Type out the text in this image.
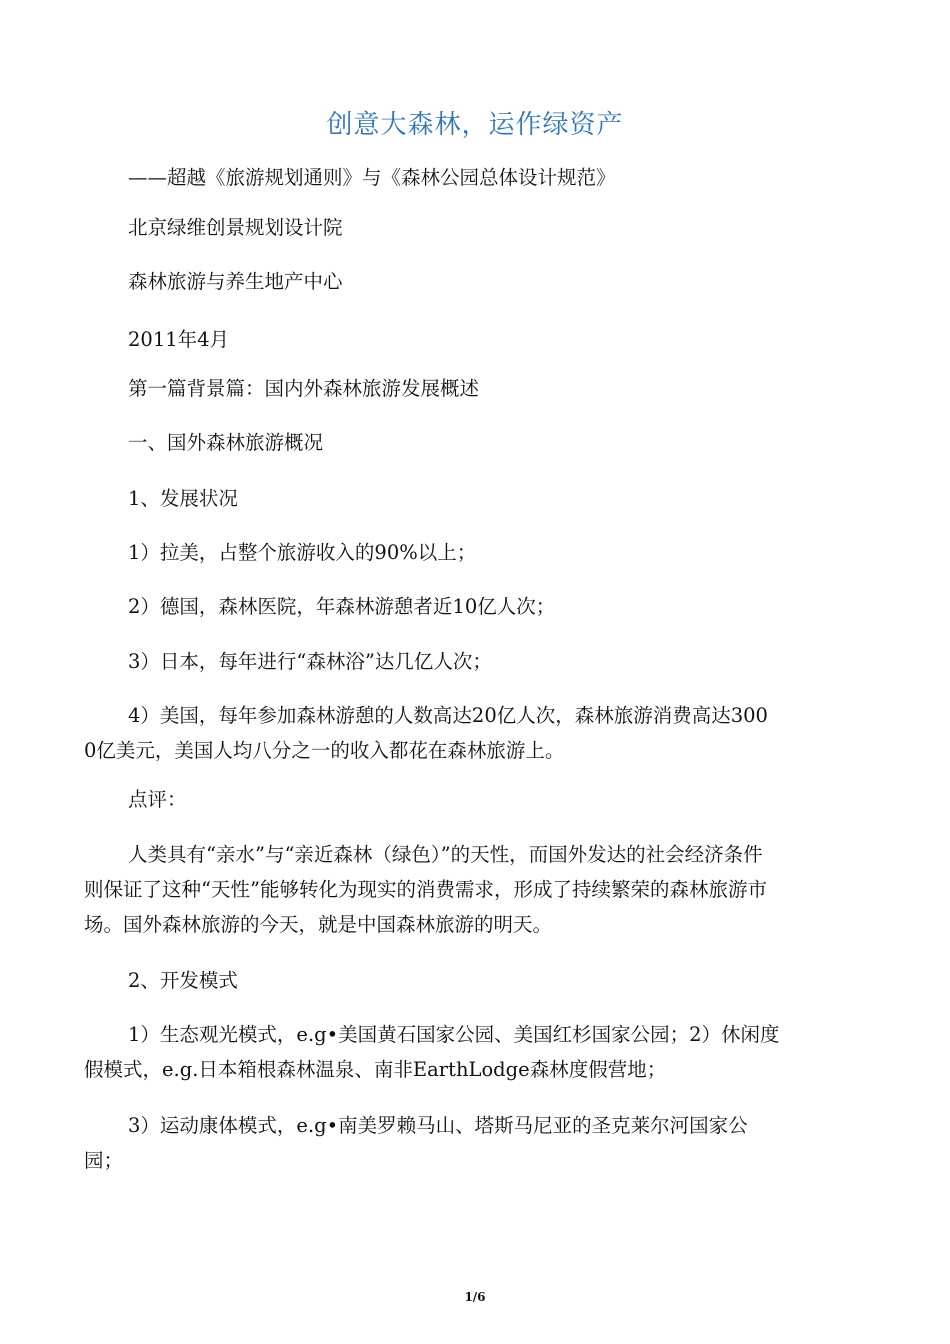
创意大森林，运作绿资产
——超越《旅游规划通则》与《森林公园总体设计规范》
北京绿维创景规划设计院
森林旅游与养生地产中心
2011年4月
第一篇背景篇：国内外森林旅游发展概述
一、国外森林旅游概况
1、发展状况
1）拉美，占整个旅游收入的90%以上；
2）德国，森林医院，年森林游憩者近10亿人次；
3）日本，每年进行“森林浴”达几亿人次；
4）美国，每年参加森林游憩的人数高达20亿人次，森林旅游消费高达300
0亿美元，美国人均八分之一的收入都花在森林旅游上。
点评：
人类具有“亲水”与“亲近森林（绿色）”的天性，而国外发达的社会经济条件
则保证了这种“天性”能够转化为现实的消费需求，形成了持续繁荣的森林旅游市
场。国外森林旅游的今天，就是中国森林旅游的明天。
2、开发模式
1）生态观光模式，e.g•美国黄石国家公园、美国红杉国家公园；2）休闲度
假模式，e.g.日本箱根森林温泉、南非EarthLodge森林度假营地；
3）运动康体模式，e.g•南美罗赖马山、塔斯马尼亚的圣克莱尔河国家公
园；
1/6
